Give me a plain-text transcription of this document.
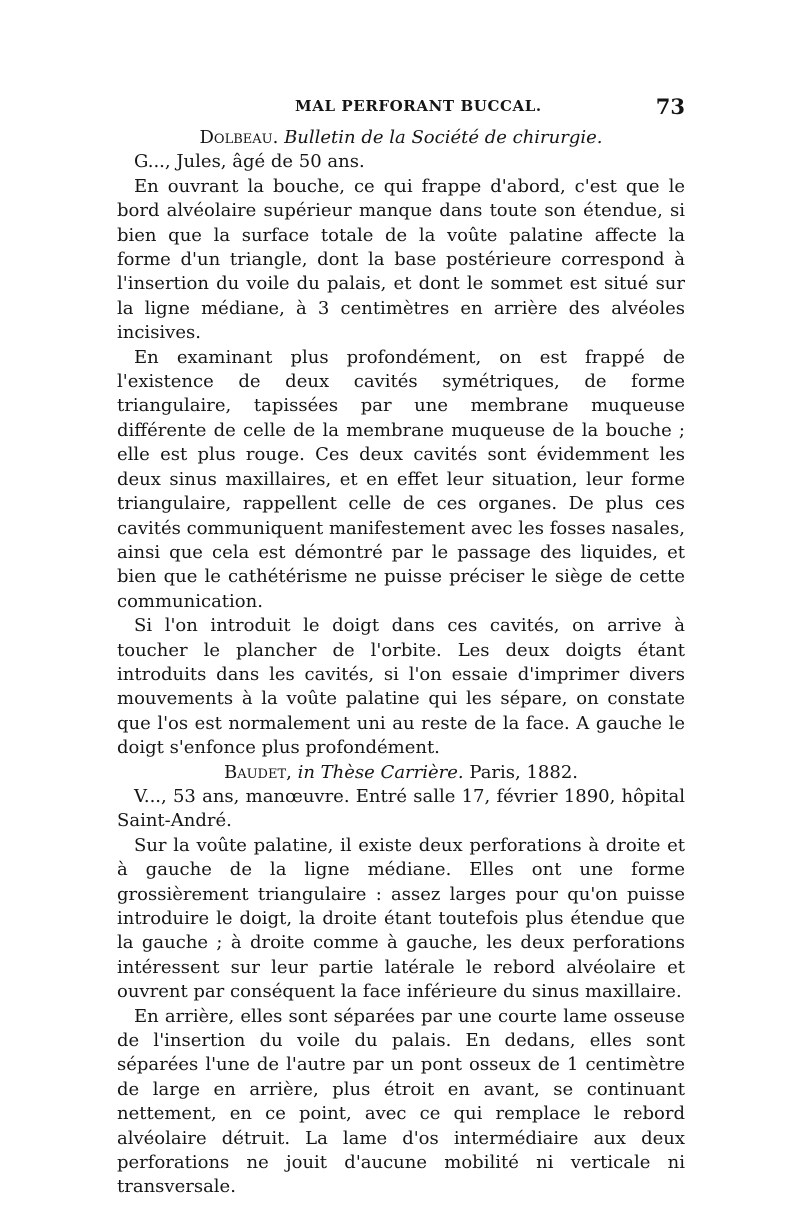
MAL PERFORANT BUCCAL.	73

Dolbeau. Bulletin de la Société de chirurgie.

G..., Jules, âgé de 50 ans.

En ouvrant la bouche, ce qui frappe d'abord, c'est que le bord alvéolaire supérieur manque dans toute son étendue, si bien que la surface totale de la voûte palatine affecte la forme d'un triangle, dont la base postérieure correspond à l'insertion du voile du palais, et dont le sommet est situé sur la ligne médiane, à 3 centimètres en arrière des alvéoles incisives.

En examinant plus profondément, on est frappé de l'existence de deux cavités symétriques, de forme triangulaire, tapissées par une membrane muqueuse différente de celle de la membrane muqueuse de la bouche ; elle est plus rouge. Ces deux cavités sont évidemment les deux sinus maxillaires, et en effet leur situation, leur forme triangulaire, rappellent celle de ces organes. De plus ces cavités communiquent manifestement avec les fosses nasales, ainsi que cela est démontré par le passage des liquides, et bien que le cathétérisme ne puisse préciser le siège de cette communication.

Si l'on introduit le doigt dans ces cavités, on arrive à toucher le plancher de l'orbite. Les deux doigts étant introduits dans les cavités, si l'on essaie d'imprimer divers mouvements à la voûte palatine qui les sépare, on constate que l'os est normalement uni au reste de la face. A gauche le doigt s'enfonce plus profondément.

Baudet, in Thèse Carrière. Paris, 1882.

V..., 53 ans, manœuvre. Entré salle 17, février 1890, hôpital Saint-André.

Sur la voûte palatine, il existe deux perforations à droite et à gauche de la ligne médiane. Elles ont une forme grossièrement triangulaire : assez larges pour qu'on puisse introduire le doigt, la droite étant toutefois plus étendue que la gauche ; à droite comme à gauche, les deux perforations intéressent sur leur partie latérale le rebord alvéolaire et ouvrent par conséquent la face inférieure du sinus maxillaire.

En arrière, elles sont séparées par une courte lame osseuse de l'insertion du voile du palais. En dedans, elles sont séparées l'une de l'autre par un pont osseux de 1 centimètre de large en arrière, plus étroit en avant, se continuant nettement, en ce point, avec ce qui remplace le rebord alvéolaire détruit. La lame d'os intermédiaire aux deux perforations ne jouit d'aucune mobilité ni verticale ni transversale.
